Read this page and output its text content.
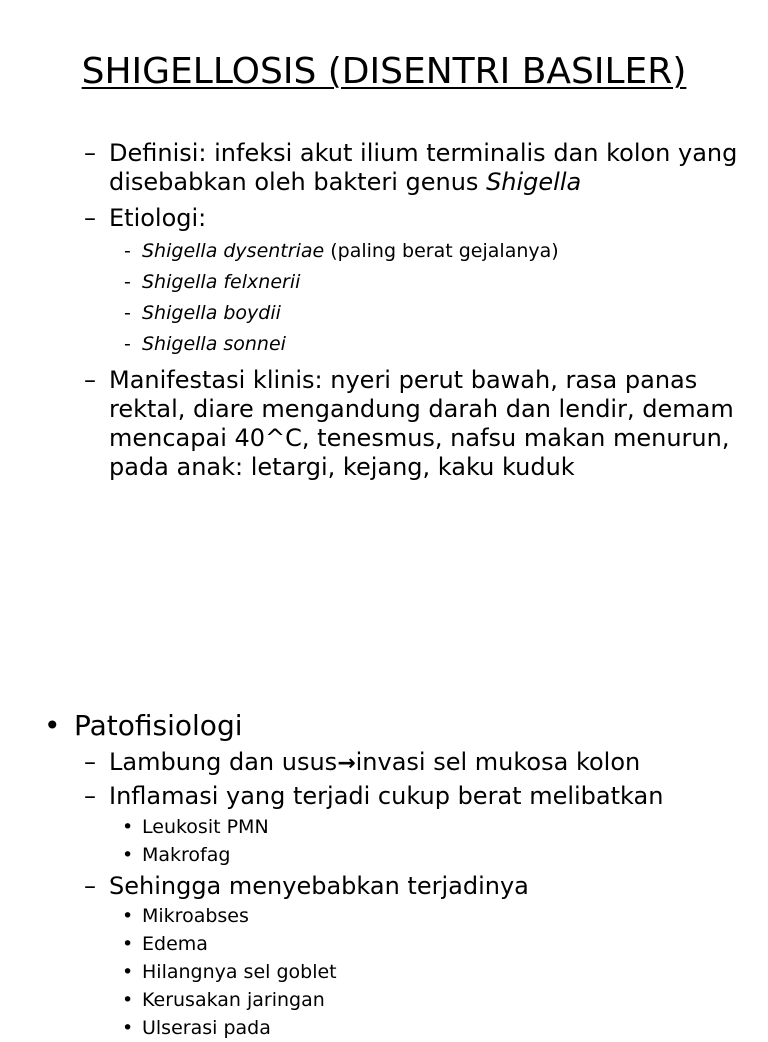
SHIGELLOSIS (DISENTRI BASILER)
– Definisi: infeksi akut ilium terminalis dan kolon yang
disebabkan oleh bakteri genus Shigella
– Etiologi:
- Shigella dysentriae (paling berat gejalanya)
- Shigella felxnerii
- Shigella boydii
- Shigella sonnei
– Manifestasi klinis: nyeri perut bawah, rasa panas
rektal, diare mengandung darah dan lendir, demam
mencapai 40^C, tenesmus, nafsu makan menurun,
pada anak: letargi, kejang, kaku kuduk
• Patofisiologi
– Lambung dan usus→invasi sel mukosa kolon
– Inflamasi yang terjadi cukup berat melibatkan
• Leukosit PMN
• Makrofag
– Sehingga menyebabkan terjadinya
• Mikroabses
• Edema
• Hilangnya sel goblet
• Kerusakan jaringan
• Ulserasi pada
